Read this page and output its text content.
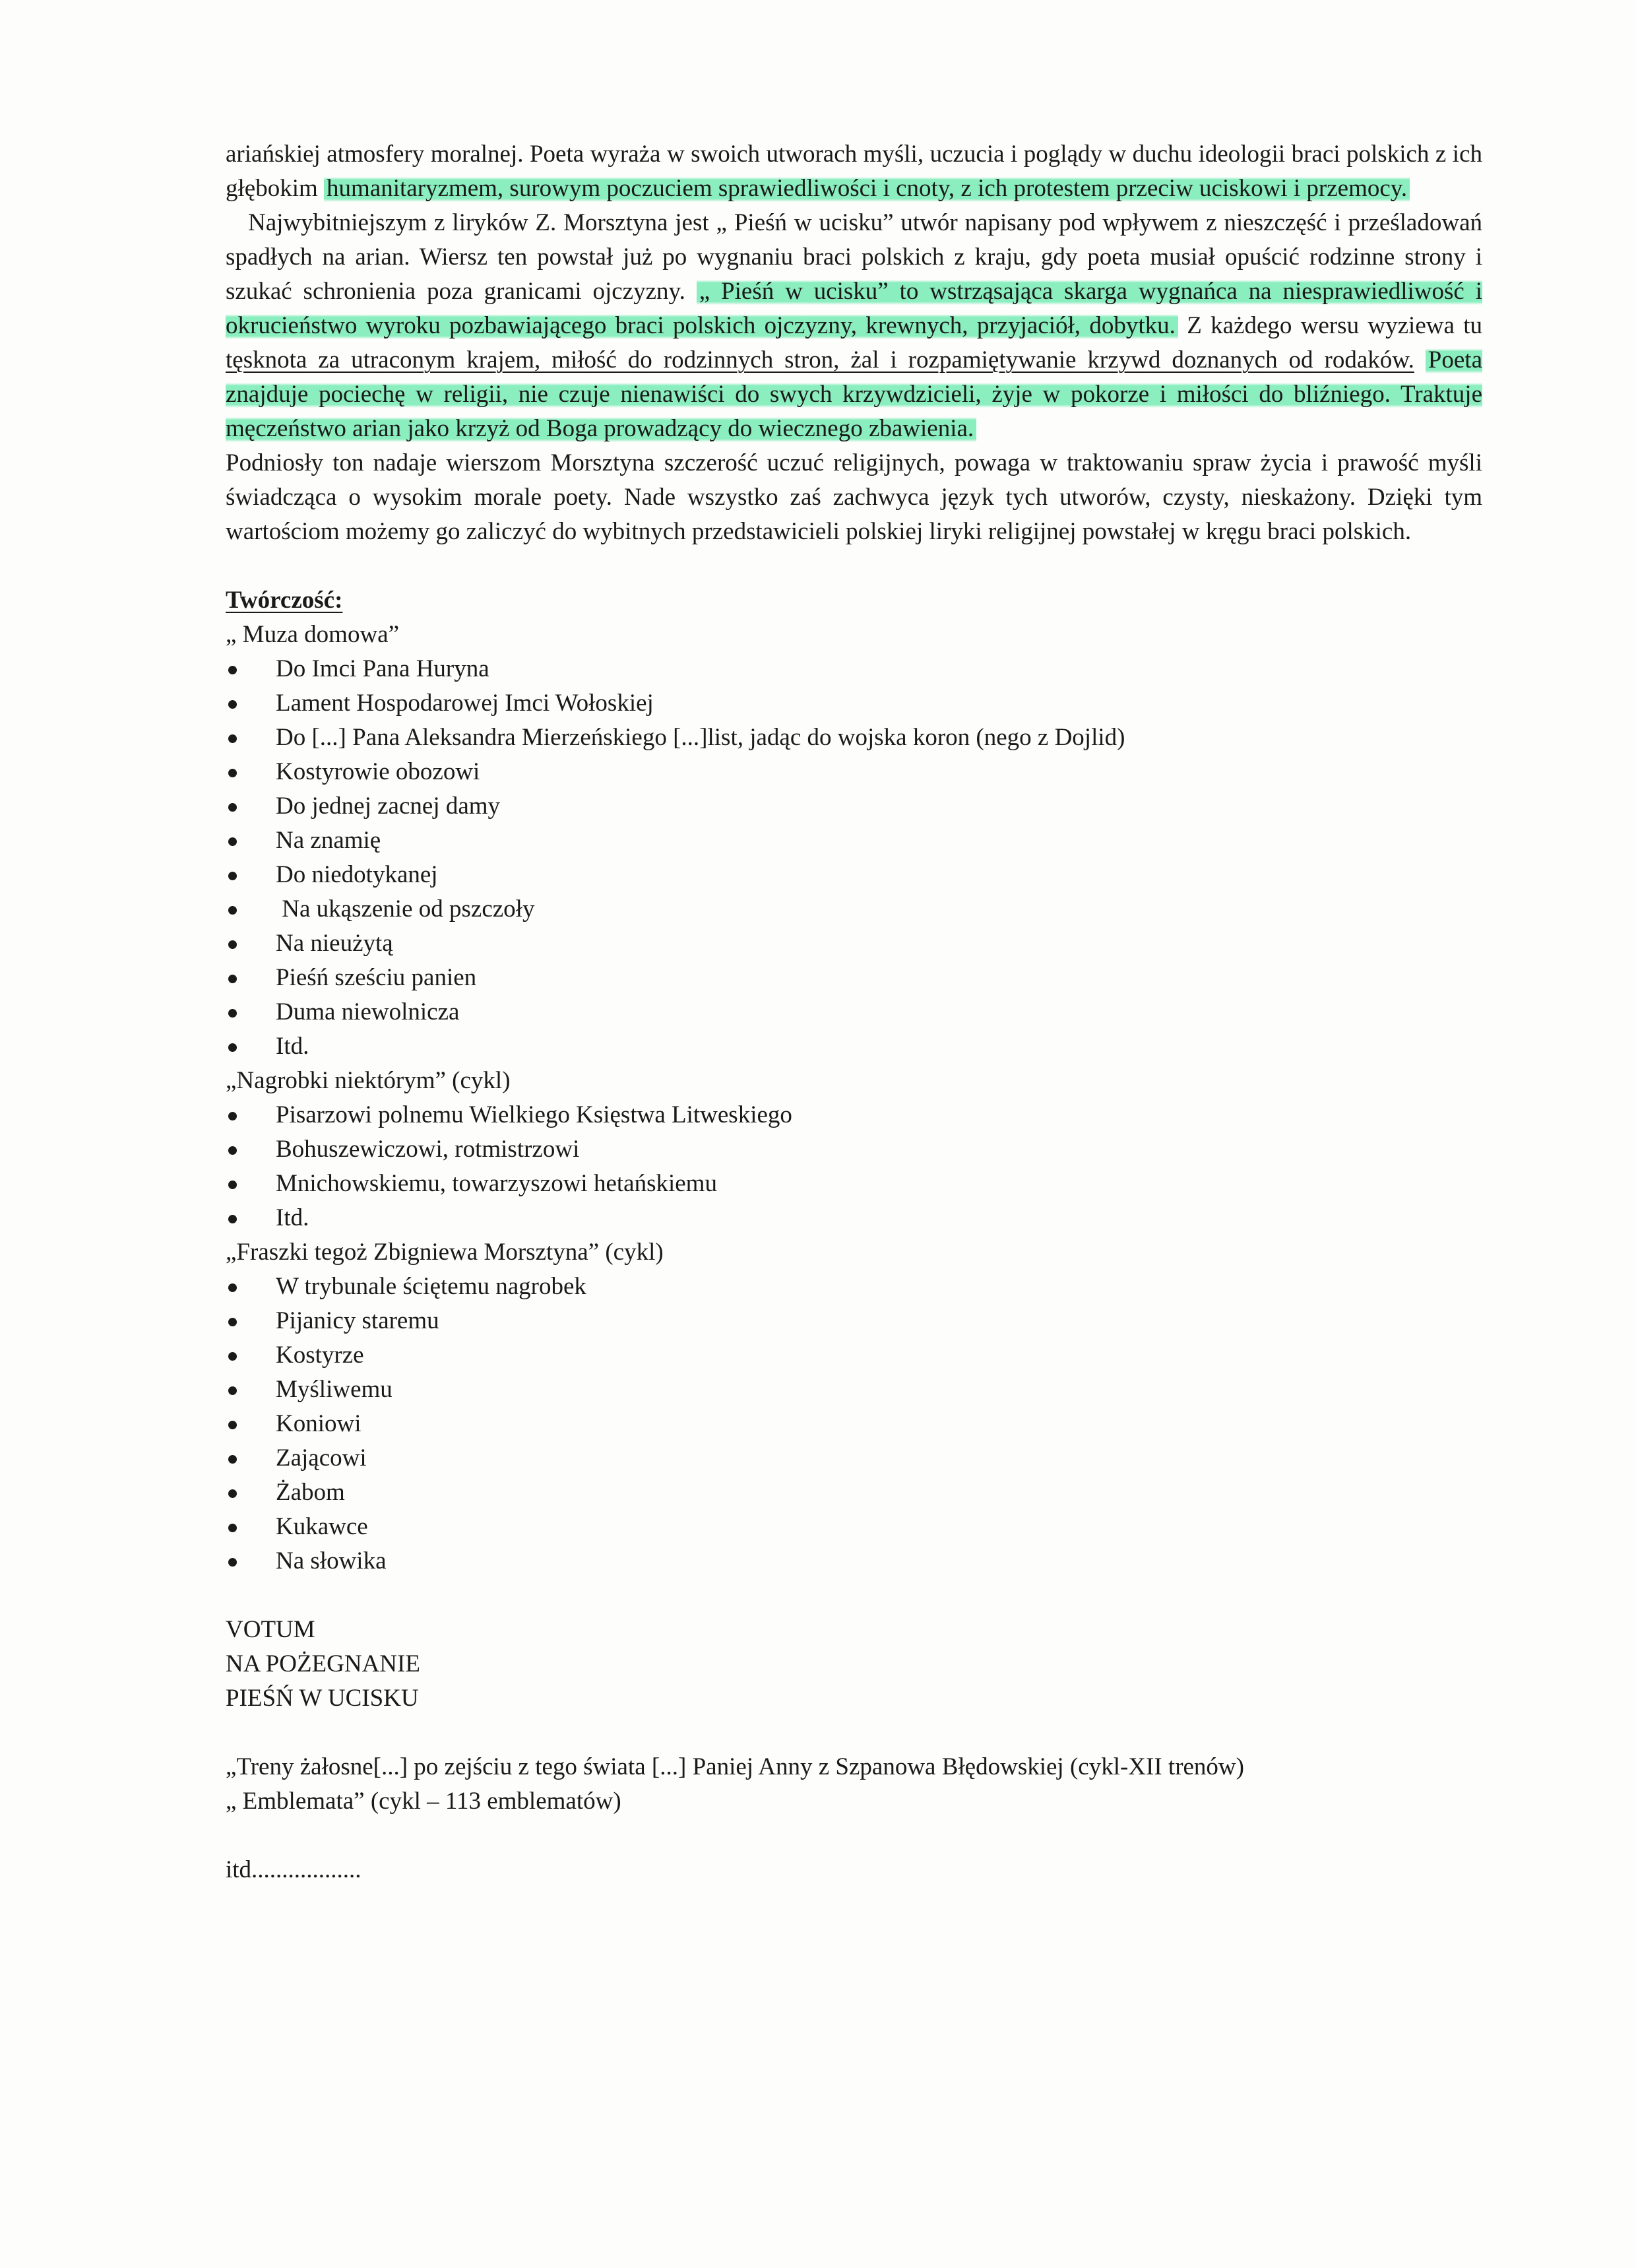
ariańskiej atmosfery moralnej. Poeta wyraża w swoich utworach myśli, uczucia i poglądy w duchu ideologii braci polskich z ich głębokim humanitaryzmem, surowym poczuciem sprawiedliwości i cnoty, z ich protestem przeciw uciskowi i przemocy.

Najwybitniejszym z liryków Z. Morsztyna jest „ Pieśń w ucisku” utwór napisany pod wpływem z nieszczęść i prześladowań spadłych na arian. Wiersz ten powstał już po wygnaniu braci polskich z kraju, gdy poeta musiał opuścić rodzinne strony i szukać schronienia poza granicami ojczyzny. „ Pieśń w ucisku” to wstrząsająca skarga wygnańca na niesprawiedliwość i okrucieństwo wyroku pozbawiającego braci polskich ojczyzny, krewnych, przyjaciół, dobytku. Z każdego wersu wyziewa tu tęsknota za utraconym krajem, miłość do rodzinnych stron, żal i rozpamiętywanie krzywd doznanych od rodaków. Poeta znajduje pociechę w religii, nie czuje nienawiści do swych krzywdzicieli, żyje w pokorze i miłości do bliźniego. Traktuje męczeństwo arian jako krzyż od Boga prowadzący do wiecznego zbawienia.

Podniosły ton nadaje wierszom Morsztyna szczerość uczuć religijnych, powaga w traktowaniu spraw życia i prawość myśli świadcząca o wysokim morale poety. Nade wszystko zaś zachwyca język tych utworów, czysty, nieskażony. Dzięki tym wartościom możemy go zaliczyć do wybitnych przedstawicieli polskiej liryki religijnej powstałej w kręgu braci polskich.

Twórczość:
„ Muza domowa”
Do Imci Pana Huryna
Lament Hospodarowej Imci Wołoskiej
Do [...] Pana Aleksandra Mierzeńskiego [...]list, jadąc do wojska koron (nego z Dojlid)
Kostyrowie obozowi
Do jednej zacnej damy
Na znamię
Do niedotykanej
Na ukąszenie od pszczoły
Na nieużytą
Pieśń sześciu panien
Duma niewolnicza
Itd.
„Nagrobki niektórym” (cykl)
Pisarzowi polnemu Wielkiego Księstwa Litweskiego
Bohuszewiczowi, rotmistrzowi
Mnichowskiemu, towarzyszowi hetańskiemu
Itd.
„Fraszki tegoż Zbigniewa Morsztyna” (cykl)
W trybunale ściętemu nagrobek
Pijanicy staremu
Kostyrze
Myśliwemu
Koniowi
Zającowi
Żabom
Kukawce
Na słowika
VOTUM
NA POŻEGNANIE
PIEŚŃ W UCISKU
„Treny żałosne[...] po zejściu z tego świata [...] Paniej Anny z Szpanowa Błędowskiej (cykl-XII trenów)
„ Emblemata” (cykl – 113 emblematów)
itd..................
